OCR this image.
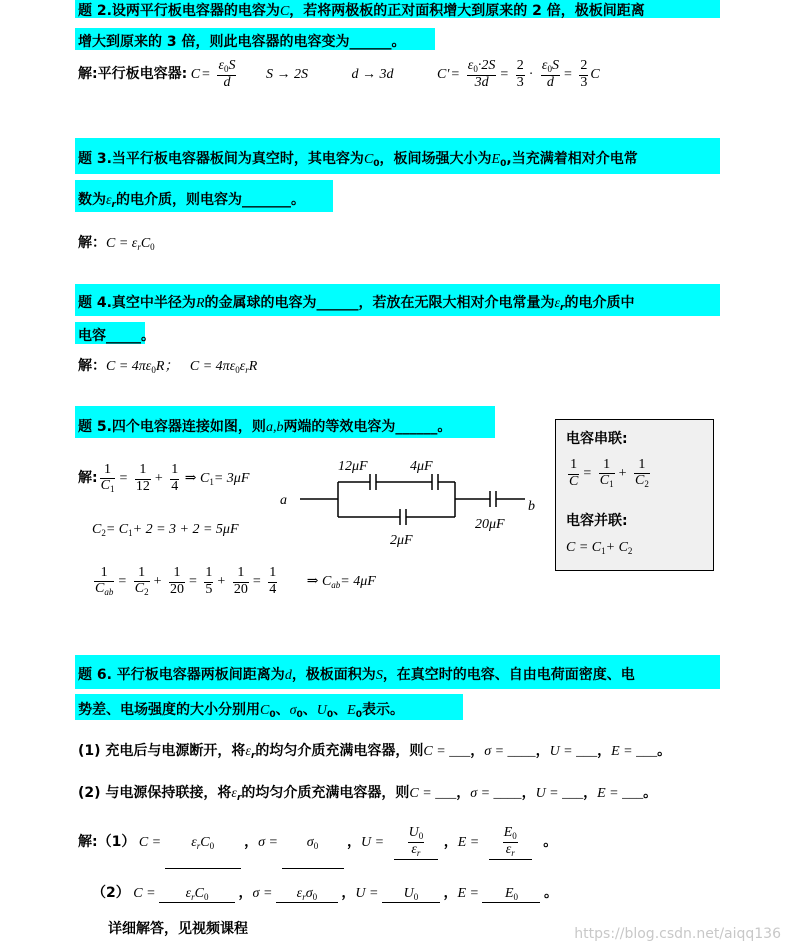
题 2.设两平行板电容器的电容为C，若将两极板的正对面积增大到原来的 2 倍，极板间距离
增大到原来的 3 倍，则此电容器的电容变为______。
解:平行板电容器: $C = \frac{\varepsilon_0S}{d}$ S → 2S	d → 3d	$C' = \frac{\varepsilon_0\cdot 2S}{3d} = \frac{2}{3} \cdot \frac{\varepsilon_0S}{d} = \frac{2}{3}$ C
题 3.当平行板电容器板间为真空时，其电容为$C_0$，板间场强大小为$E_0$,当充满着相对介电常
数为$\varepsilon_r$的电介质，则电容为_______。
解：$C = \varepsilon_rC_0$
题 4.真空中半径为R的金属球的电容为______，若放在无限大相对介电常量为$\varepsilon_r$的电介质中
电容_____。
解：$C = 4\pi\varepsilon_0R$； $C = 4\pi\varepsilon_0\varepsilon_rR$
题 5.四个电容器连接如图，则a,b两端的等效电容为______。
解: $\frac{1}{C_1} = \frac{1}{12} + \frac{1}{4}$ ⇒ $C_1= 3\mu F$
$C_2= C_1+ 2 = 3 + 2 = 5\mu F$
$\frac{1}{C_{ab}} = \frac{1}{C_2} + \frac{1}{20} = \frac{1}{5} + \frac{1}{20} = \frac{1}{4}$ ⇒ $C_{ab}= 4\mu F$
a	b
12μF	4μF
2μF
20μF
电容串联:
$\frac{1}{C} = \frac{1}{C_1} + \frac{1}{C_2}$
电容并联:
$C = C_1+ C_2$
题 6. 平行板电容器两板间距离为d，极板面积为S，在真空时的电容、自由电荷面密度、电
势差、电场强度的大小分别用$C_0$、$\sigma_0$、$U_0$、$E_0$表示。
(1) 充电后与电源断开，将$\varepsilon_r$的均匀介质充满电容器，则C = ___，σ = ____，U = ___，E = ___。
(2) 与电源保持联接，将$\varepsilon_r$的均匀介质充满电容器，则C = ___，σ = ____，U = ___，E = ___。
解:（1） $C = \varepsilon_rC_0$ ，$\sigma = \sigma_0$ ，$U = \frac{U_0}{\varepsilon_r}$ ，$E = \frac{E_0}{\varepsilon_r}$ 。
（2） $C = \varepsilon_rC_0$ ，$\sigma = \varepsilon_r\sigma_0$ ，$U = U_0$ ，$E = E_0$ 。
详细解答，见视频课程	https://blog.csdn.net/aiqq136
